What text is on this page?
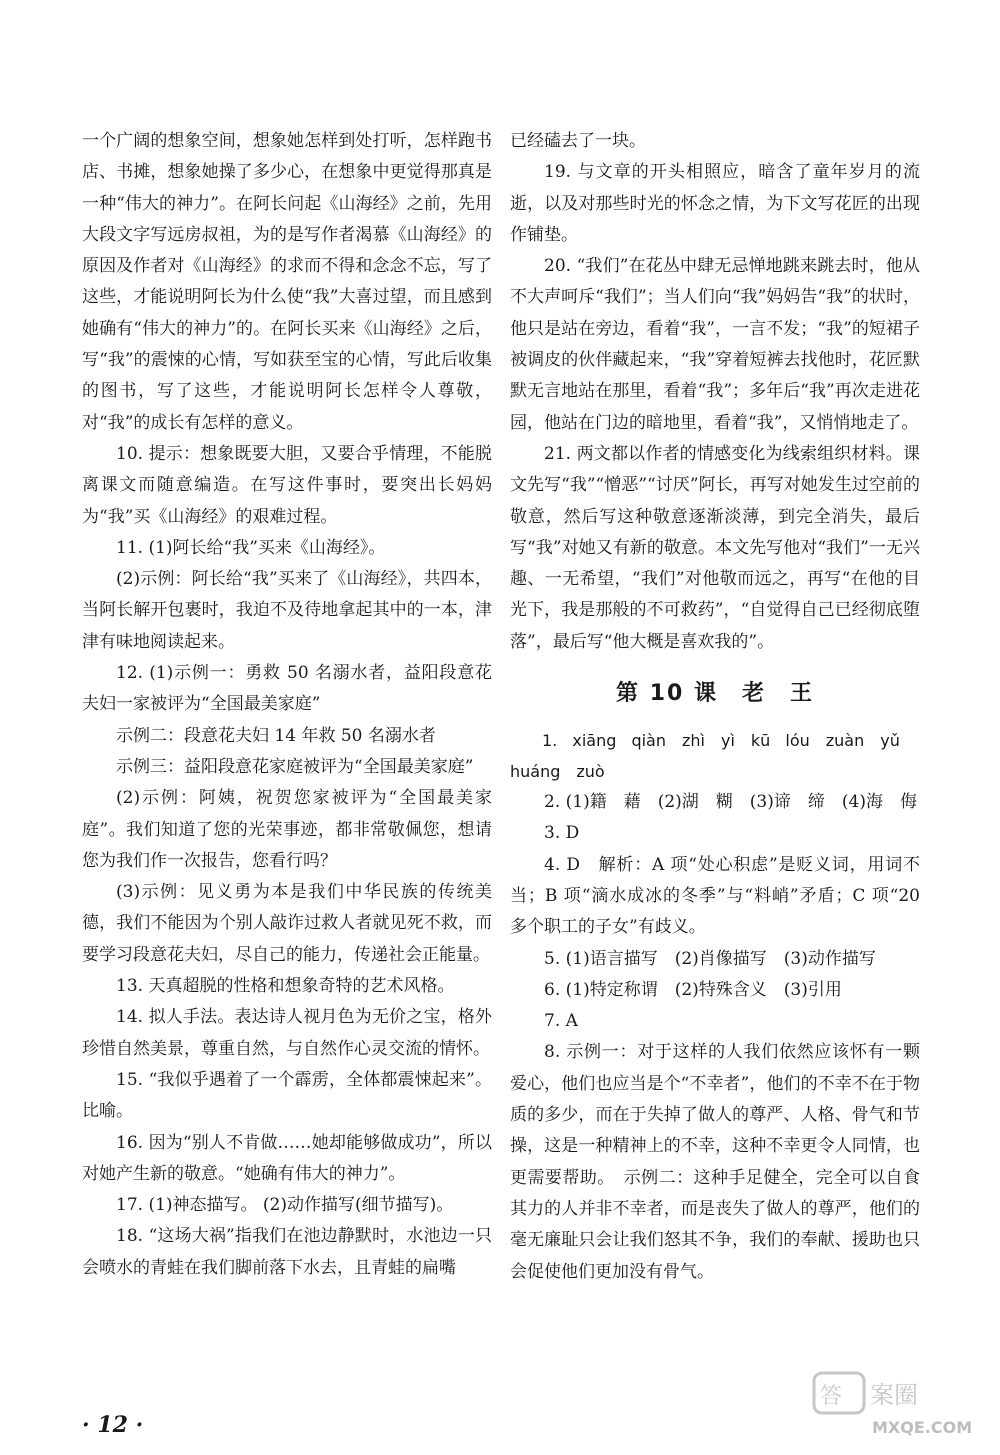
一个广阔的想象空间，想象她怎样到处打听，怎样跑书店、书摊，想象她操了多少心，在想象中更觉得那真是一种“伟大的神力”。在阿长问起《山海经》之前，先用大段文字写远房叔祖，为的是写作者渴慕《山海经》的原因及作者对《山海经》的求而不得和念念不忘，写了这些，才能说明阿长为什么使“我”大喜过望，而且感到她确有“伟大的神力”的。在阿长买来《山海经》之后，写“我”的震悚的心情，写如获至宝的心情，写此后收集的图书，写了这些，才能说明阿长怎样令人尊敬，对“我”的成长有怎样的意义。

10. 提示：想象既要大胆，又要合乎情理，不能脱离课文而随意编造。在写这件事时，要突出长妈妈为“我”买《山海经》的艰难过程。

11. (1)阿长给“我”买来《山海经》。

(2)示例：阿长给“我”买来了《山海经》，共四本，当阿长解开包裹时，我迫不及待地拿起其中的一本，津津有味地阅读起来。

12. (1)示例一：勇救 50 名溺水者，益阳段意花夫妇一家被评为“全国最美家庭”

示例二：段意花夫妇 14 年救 50 名溺水者

示例三：益阳段意花家庭被评为“全国最美家庭”

(2)示例：阿姨，祝贺您家被评为“全国最美家庭”。我们知道了您的光荣事迹，都非常敬佩您，想请您为我们作一次报告，您看行吗？

(3)示例：见义勇为本是我们中华民族的传统美德，我们不能因为个别人敲诈过救人者就见死不救，而要学习段意花夫妇，尽自己的能力，传递社会正能量。

13. 天真超脱的性格和想象奇特的艺术风格。

14. 拟人手法。表达诗人视月色为无价之宝，格外珍惜自然美景，尊重自然，与自然作心灵交流的情怀。

15. “我似乎遇着了一个霹雳，全体都震悚起来”。比喻。

16. 因为“别人不肯做……她却能够做成功”，所以对她产生新的敬意。“她确有伟大的神力”。

17. (1)神态描写。 (2)动作描写(细节描写)。

18. “这场大祸”指我们在池边静默时，水池边一只会喷水的青蛙在我们脚前落下水去，且青蛙的扁嘴

已经磕去了一块。

19. 与文章的开头相照应，暗含了童年岁月的流逝，以及对那些时光的怀念之情，为下文写花匠的出现作铺垫。

20. “我们”在花丛中肆无忌惮地跳来跳去时，他从不大声呵斥“我们”；当人们向“我”妈妈告“我”的状时，他只是站在旁边，看着“我”，一言不发；“我”的短裙子被调皮的伙伴藏起来，“我”穿着短裤去找他时，花匠默默无言地站在那里，看着“我”；多年后“我”再次走进花园，他站在门边的暗地里，看着“我”，又悄悄地走了。

21. 两文都以作者的情感变化为线索组织材料。课文先写“我”“憎恶”“讨厌”阿长，再写对她发生过空前的敬意，然后写这种敬意逐渐淡薄，到完全消失，最后写“我”对她又有新的敬意。本文先写他对“我们”一无兴趣、一无希望，“我们”对他敬而远之，再写“在他的目光下，我是那般的不可救药”，“自觉得自己已经彻底堕落”，最后写“他大概是喜欢我的”。

第 10 课　老　王
1. xiāng qiàn　zhì　yì　kū lóu　zuàn　yǔ
huáng　zuò

2. (1)籍　藉　(2)湖　糊　(3)谛　缔　(4)海　侮

3. D

4. D　解析：A 项“处心积虑”是贬义词，用词不当；B 项“滴水成冰的冬季”与“料峭”矛盾；C 项“20 多个职工的子女”有歧义。

5. (1)语言描写　(2)肖像描写　(3)动作描写

6. (1)特定称谓　(2)特殊含义　(3)引用

7. A

8. 示例一：对于这样的人我们依然应该怀有一颗爱心，他们也应当是个“不幸者”，他们的不幸不在于物质的多少，而在于失掉了做人的尊严、人格、骨气和节操，这是一种精神上的不幸，这种不幸更令人同情，也更需要帮助。　示例二：这种手足健全，完全可以自食其力的人并非不幸者，而是丧失了做人的尊严，他们的毫无廉耻只会让我们怒其不争，我们的奉献、援助也只会促使他们更加没有骨气。

· 12 ·
答 案圈
MXQE.COM
